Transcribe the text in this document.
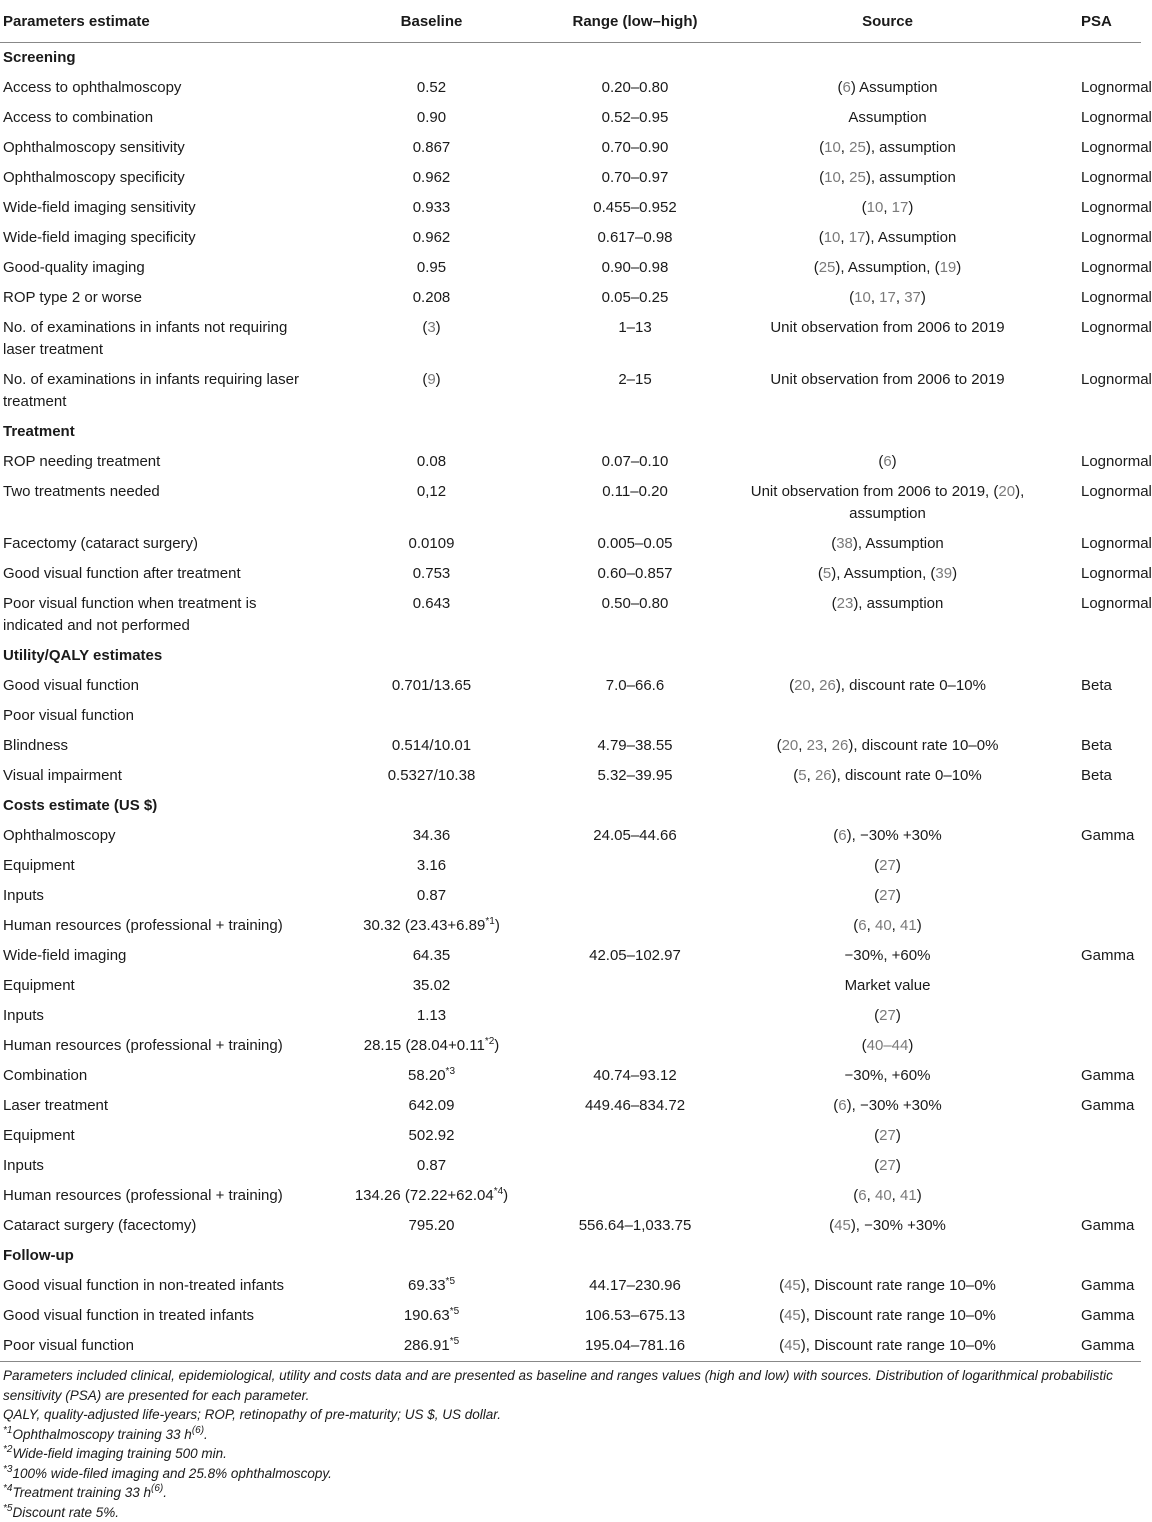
Parameters estimate	Baseline	Range (low–high)	Source	PSA
Screening				
Access to ophthalmoscopy	0.52	0.20–0.80	(6) Assumption	Lognormal
Access to combination	0.90	0.52–0.95	Assumption	Lognormal
Ophthalmoscopy sensitivity	0.867	0.70–0.90	(10, 25), assumption	Lognormal
Ophthalmoscopy specificity	0.962	0.70–0.97	(10, 25), assumption	Lognormal
Wide-field imaging sensitivity	0.933	0.455–0.952	(10, 17)	Lognormal
Wide-field imaging specificity	0.962	0.617–0.98	(10, 17), Assumption	Lognormal
Good-quality imaging	0.95	0.90–0.98	(25), Assumption, (19)	Lognormal
ROP type 2 or worse	0.208	0.05–0.25	(10, 17, 37)	Lognormal
No. of examinations in infants not requiring laser treatment	(3)	1–13	Unit observation from 2006 to 2019	Lognormal
No. of examinations in infants requiring laser treatment	(9)	2–15	Unit observation from 2006 to 2019	Lognormal
Treatment				
ROP needing treatment	0.08	0.07–0.10	(6)	Lognormal
Two treatments needed	0,12	0.11–0.20	Unit observation from 2006 to 2019, (20), assumption	Lognormal
Facectomy (cataract surgery)	0.0109	0.005–0.05	(38), Assumption	Lognormal
Good visual function after treatment	0.753	0.60–0.857	(5), Assumption, (39)	Lognormal
Poor visual function when treatment is indicated and not performed	0.643	0.50–0.80	(23), assumption	Lognormal
Utility/QALY estimates				
Good visual function	0.701/13.65	7.0–66.6	(20, 26), discount rate 0–10%	Beta
Poor visual function				
Blindness	0.514/10.01	4.79–38.55	(20, 23, 26), discount rate 10–0%	Beta
Visual impairment	0.5327/10.38	5.32–39.95	(5, 26), discount rate 0–10%	Beta
Costs estimate (US $)				
Ophthalmoscopy	34.36	24.05–44.66	(6), −30% +30%	Gamma
Equipment	3.16		(27)	
Inputs	0.87		(27)	
Human resources (professional + training)	30.32 $(23.43+6.89^{*1})$		(6, 40, 41)	
Wide-field imaging	64.35	42.05–102.97	−30%, +60%	Gamma
Equipment	35.02		Market value	
Inputs	1.13		(27)	
Human resources (professional + training)	28.15 $(28.04+0.11^{*2})$		(40–44)	
Combination	58.20$^{*3}$	40.74–93.12	−30%, +60%	Gamma
Laser treatment	642.09	449.46–834.72	(6), −30% +30%	Gamma
Equipment	502.92		(27)	
Inputs	0.87		(27)	
Human resources (professional + training)	134.26 $(72.22+62.04^{*4})$		(6, 40, 41)	
Cataract surgery (facectomy)	795.20	556.64–1,033.75	(45), −30% +30%	Gamma
Follow-up				
Good visual function in non-treated infants	69.33$^{*5}$	44.17–230.96	(45), Discount rate range 10–0%	Gamma
Good visual function in treated infants	190.63$^{*5}$	106.53–675.13	(45), Discount rate range 10–0%	Gamma
Poor visual function	286.91$^{*5}$	195.04–781.16	(45), Discount rate range 10–0%	Gamma

Parameters included clinical, epidemiological, utility and costs data and are presented as baseline and ranges values (high and low) with sources. Distribution of logarithmical probabilistic sensitivity (PSA) are presented for each parameter.

QALY, quality-adjusted life-years; ROP, retinopathy of pre-maturity; US $, US dollar.

$^{*1}$Ophthalmoscopy training 33 $h^{(6)}$.

$^{*2}$Wide-field imaging training 500 min.

$^{*3}$100% wide-filed imaging and 25.8% ophthalmoscopy.

$^{*4}$Treatment training 33 $h^{(6)}$.

$^{*5}$Discount rate 5%.
